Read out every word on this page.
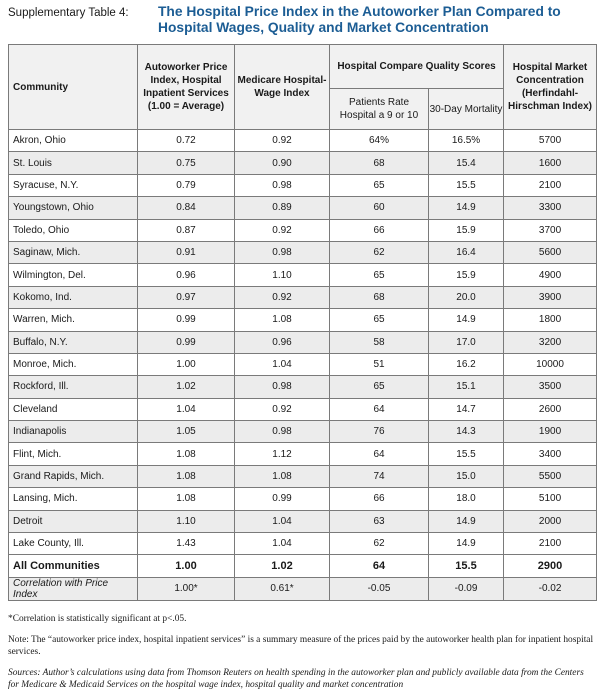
Supplementary Table 4: The Hospital Price Index in the Autoworker Plan Compared to Hospital Wages, Quality and Market Concentration
Community	Autoworker Price Index, Hospital Inpatient Services (1.00 = Average)	Medicare Hospital-Wage Index	Hospital Compare Quality Scores		Hospital Market Concentration (Herfindahl-Hirschman Index)
			Patients Rate Hospital a 9 or 10	30-Day Mortality	
Akron, Ohio	0.72	0.92	64%	16.5%	5700
St. Louis	0.75	0.90	68	15.4	1600
Syracuse, N.Y.	0.79	0.98	65	15.5	2100
Youngstown, Ohio	0.84	0.89	60	14.9	3300
Toledo, Ohio	0.87	0.92	66	15.9	3700
Saginaw, Mich.	0.91	0.98	62	16.4	5600
Wilmington, Del.	0.96	1.10	65	15.9	4900
Kokomo, Ind.	0.97	0.92	68	20.0	3900
Warren, Mich.	0.99	1.08	65	14.9	1800
Buffalo, N.Y.	0.99	0.96	58	17.0	3200
Monroe, Mich.	1.00	1.04	51	16.2	10000
Rockford, Ill.	1.02	0.98	65	15.1	3500
Cleveland	1.04	0.92	64	14.7	2600
Indianapolis	1.05	0.98	76	14.3	1900
Flint, Mich.	1.08	1.12	64	15.5	3400
Grand Rapids, Mich.	1.08	1.08	74	15.0	5500
Lansing, Mich.	1.08	0.99	66	18.0	5100
Detroit	1.10	1.04	63	14.9	2000
Lake County, Ill.	1.43	1.04	62	14.9	2100
All Communities	1.00	1.02	64	15.5	2900
Correlation with Price Index	1.00*	0.61*	-0.05	-0.09	-0.02

*Correlation is statistically significant at p<.05.

Note: The “autoworker price index, hospital inpatient services” is a summary measure of the prices paid by the autoworker health plan for inpatient hospital services.

Sources: Author’s calculations using data from Thomson Reuters on health spending in the autoworker plan and publicly available data from the Centers for Medicare & Medicaid Services on the hospital wage index, hospital quality and market concentration
